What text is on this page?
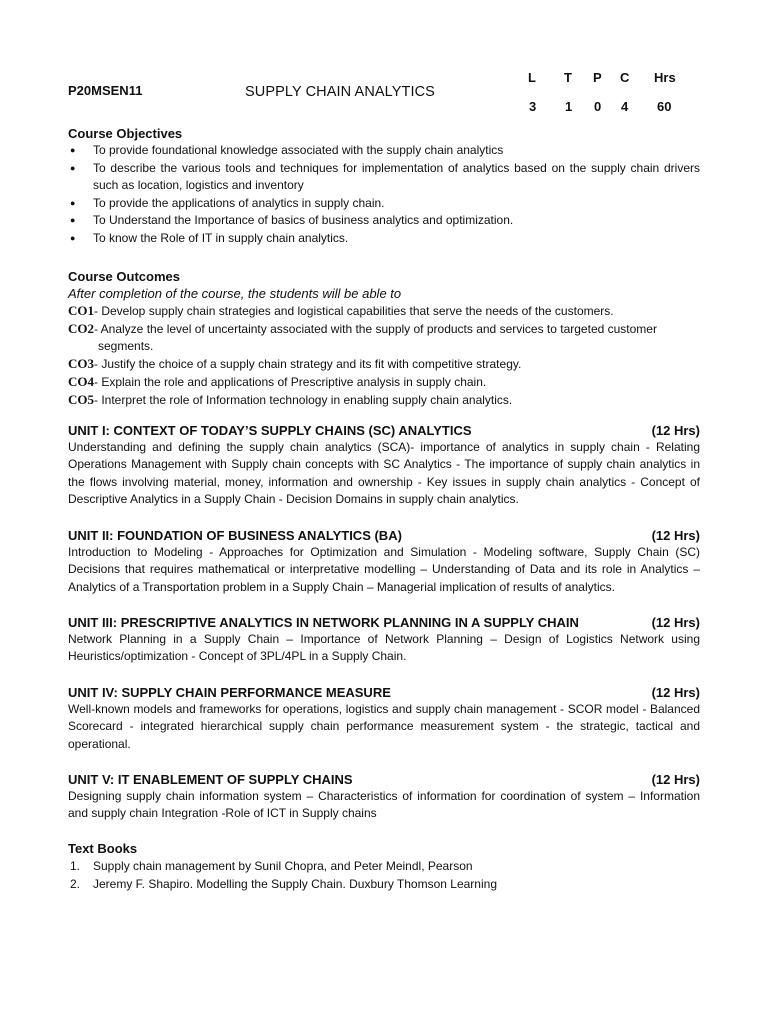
P20MSEN11	SUPPLY CHAIN ANALYTICS
L T P C Hrs
3 1 0 4 60
Course Objectives
● To provide foundational knowledge associated with the supply chain analytics
● To describe the various tools and techniques for implementation of analytics based on the supply chain drivers such as location, logistics and inventory
● To provide the applications of analytics in supply chain.
● To Understand the Importance of basics of business analytics and optimization.
● To know the Role of IT in supply chain analytics.
Course Outcomes
After completion of the course, the students will be able to
CO1- Develop supply chain strategies and logistical capabilities that serve the needs of the customers.
CO2- Analyze the level of uncertainty associated with the supply of products and services to targeted customer
segments.
CO3- Justify the choice of a supply chain strategy and its fit with competitive strategy.
CO4- Explain the role and applications of Prescriptive analysis in supply chain.
CO5- Interpret the role of Information technology in enabling supply chain analytics.
UNIT I: CONTEXT OF TODAY’S SUPPLY CHAINS (SC) ANALYTICS	(12 Hrs)
Understanding and defining the supply chain analytics (SCA)- importance of analytics in supply chain - Relating Operations Management with Supply chain concepts with SC Analytics - The importance of supply chain analytics in the flows involving material, money, information and ownership - Key issues in supply chain analytics - Concept of Descriptive Analytics in a Supply Chain - Decision Domains in supply chain analytics.
UNIT II: FOUNDATION OF BUSINESS ANALYTICS (BA)	(12 Hrs)
Introduction to Modeling - Approaches for Optimization and Simulation - Modeling software, Supply Chain (SC) Decisions that requires mathematical or interpretative modelling – Understanding of Data and its role in Analytics – Analytics of a Transportation problem in a Supply Chain – Managerial implication of results of analytics.
UNIT III: PRESCRIPTIVE ANALYTICS IN NETWORK PLANNING IN A SUPPLY CHAIN	(12 Hrs)
Network Planning in a Supply Chain – Importance of Network Planning – Design of Logistics Network using Heuristics/optimization - Concept of 3PL/4PL in a Supply Chain.
UNIT IV: SUPPLY CHAIN PERFORMANCE MEASURE	(12 Hrs)
Well-known models and frameworks for operations, logistics and supply chain management - SCOR model - Balanced Scorecard - integrated hierarchical supply chain performance measurement system - the strategic, tactical and operational.
UNIT V: IT ENABLEMENT OF SUPPLY CHAINS	(12 Hrs)
Designing supply chain information system – Characteristics of information for coordination of system – Information and supply chain Integration -Role of ICT in Supply chains
Text Books
1. Supply chain management by Sunil Chopra, and Peter Meindl, Pearson
2. Jeremy F. Shapiro. Modelling the Supply Chain. Duxbury Thomson Learning
